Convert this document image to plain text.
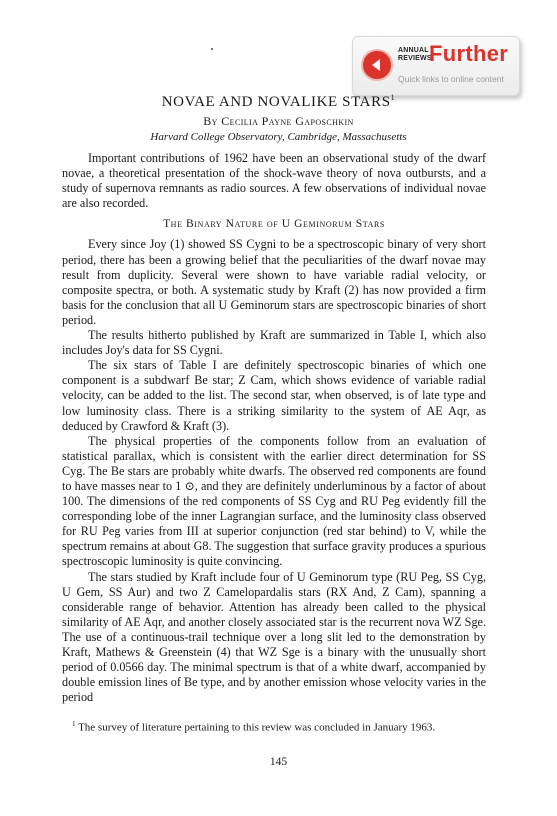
ANNUAL
REVIEWS
Further
Quick links to online content
NOVAE AND NOVALIKE STARS$^1$
By Cecilia Payne Gaposchkin
Harvard College Observatory, Cambridge, Massachusetts

Important contributions of 1962 have been an observational study of the dwarf novae, a theoretical presentation of the shock-wave theory of nova outbursts, and a study of supernova remnants as radio sources. A few observations of individual novae are also recorded.

The Binary Nature of U Geminorum Stars

Every since Joy (1) showed SS Cygni to be a spectroscopic binary of very short period, there has been a growing belief that the peculiarities of the dwarf novae may result from duplicity. Several were shown to have variable radial velocity, or composite spectra, or both. A systematic study by Kraft (2) has now provided a firm basis for the conclusion that all U Geminorum stars are spectroscopic binaries of short period.

The results hitherto published by Kraft are summarized in Table I, which also includes Joy's data for SS Cygni.

The six stars of Table I are definitely spectroscopic binaries of which one component is a subdwarf Be star; Z Cam, which shows evidence of variable radial velocity, can be added to the list. The second star, when observed, is of late type and low luminosity class. There is a striking similarity to the system of AE Aqr, as deduced by Crawford & Kraft (3).

The physical properties of the components follow from an evaluation of statistical parallax, which is consistent with the earlier direct determination for SS Cyg. The Be stars are probably white dwarfs. The observed red components are found to have masses near to 1 ⊙, and they are definitely underluminous by a factor of about 100. The dimensions of the red components of SS Cyg and RU Peg evidently fill the corresponding lobe of the inner Lagrangian surface, and the luminosity class observed for RU Peg varies from III at superior conjunction (red star behind) to V, while the spectrum remains at about G8. The suggestion that surface gravity produces a spurious spectroscopic luminosity is quite convincing.

The stars studied by Kraft include four of U Geminorum type (RU Peg, SS Cyg, U Gem, SS Aur) and two Z Camelopardalis stars (RX And, Z Cam), spanning a considerable range of behavior. Attention has already been called to the physical similarity of AE Aqr, and another closely associated star is the recurrent nova WZ Sge. The use of a continuous-trail technique over a long slit led to the demonstration by Kraft, Mathews & Greenstein (4) that WZ Sge is a binary with the unusually short period of 0.0566 day. The minimal spectrum is that of a white dwarf, accompanied by double emission lines of Be type, and by another emission whose velocity varies in the period

$^1$ The survey of literature pertaining to this review was concluded in January 1963.

145
